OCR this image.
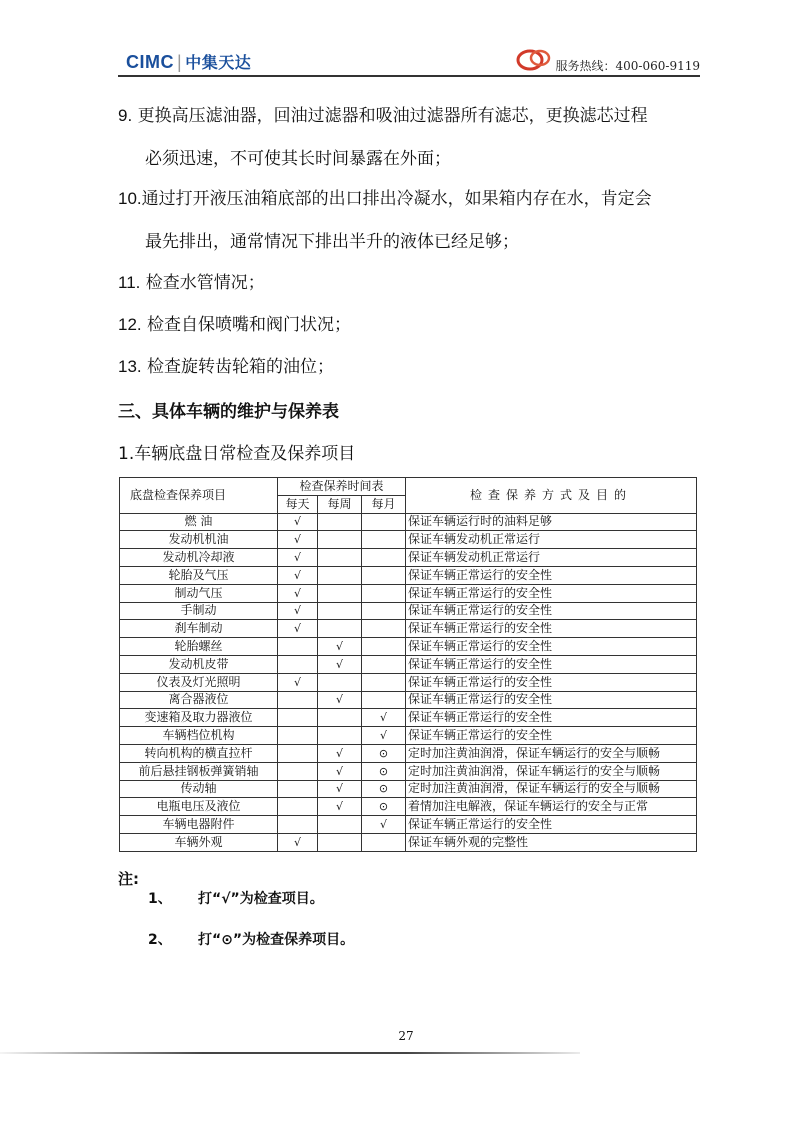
CIMC | 中集天达	服务热线：400-060-9119
9. 更换高压滤油器，回油过滤器和吸油过滤器所有滤芯，更换滤芯过程
必须迅速，不可使其长时间暴露在外面；
10.通过打开液压油箱底部的出口排出冷凝水，如果箱内存在水，肯定会
最先排出，通常情况下排出半升的液体已经足够；
11. 检查水管情况；
12. 检查自保喷嘴和阀门状况；
13. 检查旋转齿轮箱的油位；
三、具体车辆的维护与保养表
1.车辆底盘日常检查及保养项目
底盘检查保养项目	检查保养时间表			检查保养方式及目的
	每天	每周	每月	
燃 油	√			保证车辆运行时的油料足够
发动机机油	√			保证车辆发动机正常运行
发动机冷却液	√			保证车辆发动机正常运行
轮胎及气压	√			保证车辆正常运行的安全性
制动气压	√			保证车辆正常运行的安全性
手制动	√			保证车辆正常运行的安全性
刹车制动	√			保证车辆正常运行的安全性
轮胎螺丝		√		保证车辆正常运行的安全性
发动机皮带		√		保证车辆正常运行的安全性
仪表及灯光照明	√			保证车辆正常运行的安全性
离合器液位		√		保证车辆正常运行的安全性
变速箱及取力器液位			√	保证车辆正常运行的安全性
车辆档位机构			√	保证车辆正常运行的安全性
转向机构的横直拉杆		√	⊙	定时加注黄油润滑，保证车辆运行的安全与顺畅
前后悬挂钢板弹簧销轴		√	⊙	定时加注黄油润滑，保证车辆运行的安全与顺畅
传动轴		√	⊙	定时加注黄油润滑，保证车辆运行的安全与顺畅
电瓶电压及液位		√	⊙	着情加注电解液，保证车辆运行的安全与正常
车辆电器附件			√	保证车辆正常运行的安全性
车辆外观	√			保证车辆外观的完整性
注:
1、 打“√”为检查项目。
2、 打“⊙”为检查保养项目。
27
